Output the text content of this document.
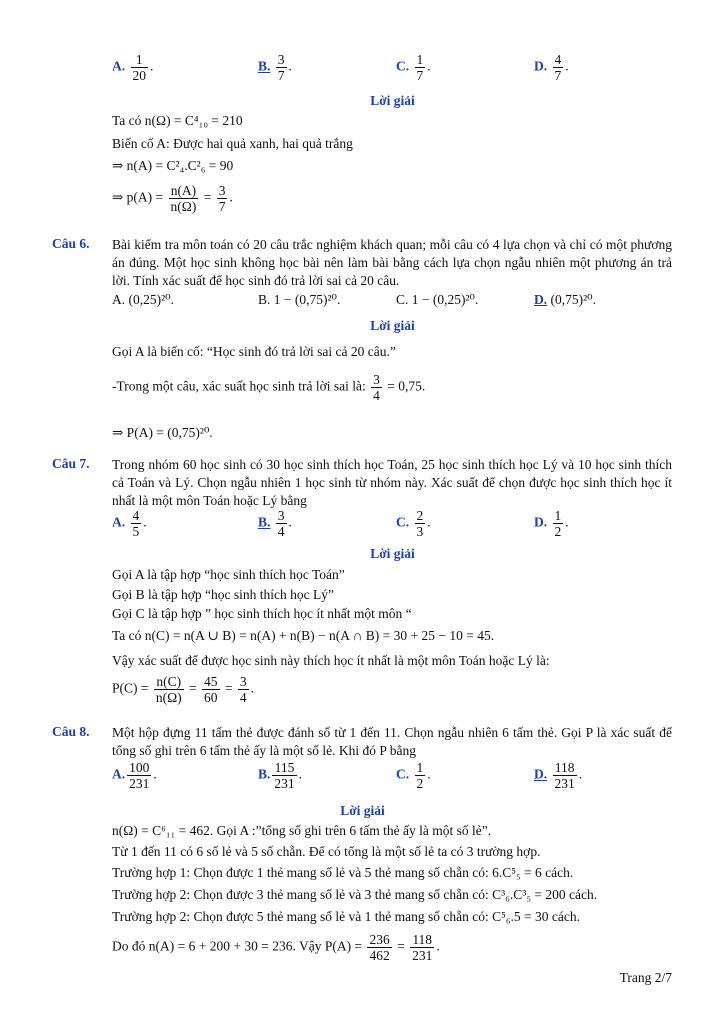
A. $\frac{1}{20}$ .	B. $\frac{3}{7}$ .	C. $\frac{1}{7}$ .	D. $\frac{4}{7}$ .
Lời giải
Ta có n(Ω) = C⁴₁₀ = 210
Biến cố A: Được hai quả xanh, hai quả trắng
⇒ n(A) = C²₄.C²₆ = 90
⇒ $p(A) = \frac{n(A)}{n(\Omega)} = \frac{3}{7}$ .
Câu 6. Bài kiểm tra môn toán có 20 câu trắc nghiệm khách quan; mỗi câu có 4 lựa chọn và chỉ có một phương án đúng. Một học sinh không học bài nên làm bài bằng cách lựa chọn ngẫu nhiên một phương án trả lời. Tính xác suất để học sinh đó trả lời sai cả 20 câu.
A. (0,25)²⁰.	B. 1 − (0,75)²⁰.	C. 1 − (0,25)²⁰.	D. (0,75)²⁰.
Lời giải
Gọi A là biến cố: “Học sinh đó trả lời sai cả 20 câu.”
-Trong một câu, xác suất học sinh trả lời sai là: $\frac{3}{4} = 0,75$.
⇒ P(A) = (0,75)²⁰.
Câu 7. Trong nhóm 60 học sinh có 30 học sinh thích học Toán, 25 học sinh thích học Lý và 10 học sinh thích cả Toán và Lý. Chọn ngẫu nhiên 1 học sinh từ nhóm này. Xác suất để chọn được học sinh thích học ít nhất là một môn Toán hoặc Lý bằng
A. $\frac{4}{5}$ .	B. $\frac{3}{4}$ .	C. $\frac{2}{3}$ .	D. $\frac{1}{2}$ .
Lời giải
Gọi A là tập hợp “học sinh thích học Toán”
Gọi B là tập hợp “học sinh thích học Lý”
Gọi C là tập hợp ” học sinh thích học ít nhất một môn “
Ta có n(C) = n(A ∪ B) = n(A) + n(B) − n(A ∩ B) = 30 + 25 − 10 = 45.
Vậy xác suất để được học sinh này thích học ít nhất là một môn Toán hoặc Lý là:
$P(C) = \frac{n(C)}{n(\Omega)} = \frac{45}{60} = \frac{3}{4}$ .
Câu 8. Một hộp đựng 11 tấm thẻ được đánh số từ 1 đến 11. Chọn ngẫu nhiên 6 tấm thẻ. Gọi P là xác suất để tổng số ghi trên 6 tấm thẻ ấy là một số lẻ. Khi đó P bằng
A. $\frac{100}{231}$ .	B. $\frac{115}{231}$ .	C. $\frac{1}{2}$ .	D. $\frac{118}{231}$ .
Lời giải
n(Ω) = C⁶₁₁ = 462. Gọi A :”tổng số ghi trên 6 tấm thẻ ấy là một số lẻ”.
Từ 1 đến 11 có 6 số lẻ và 5 số chẵn. Để có tổng là một số lẻ ta có 3 trường hợp.
Trường hợp 1: Chọn được 1 thẻ mang số lẻ và 5 thẻ mang số chẵn có: 6.C⁵₅ = 6 cách.
Trường hợp 2: Chọn được 3 thẻ mang số lẻ và 3 thẻ mang số chẵn có: C³₆.C³₅ = 200 cách.
Trường hợp 2: Chọn được 5 thẻ mang số lẻ và 1 thẻ mang số chẵn có: C⁵₆.5 = 30 cách.
Do đó n(A) = 6 + 200 + 30 = 236. Vậy $P(A) = \frac{236}{462} = \frac{118}{231}$ .
Trang 2/7
